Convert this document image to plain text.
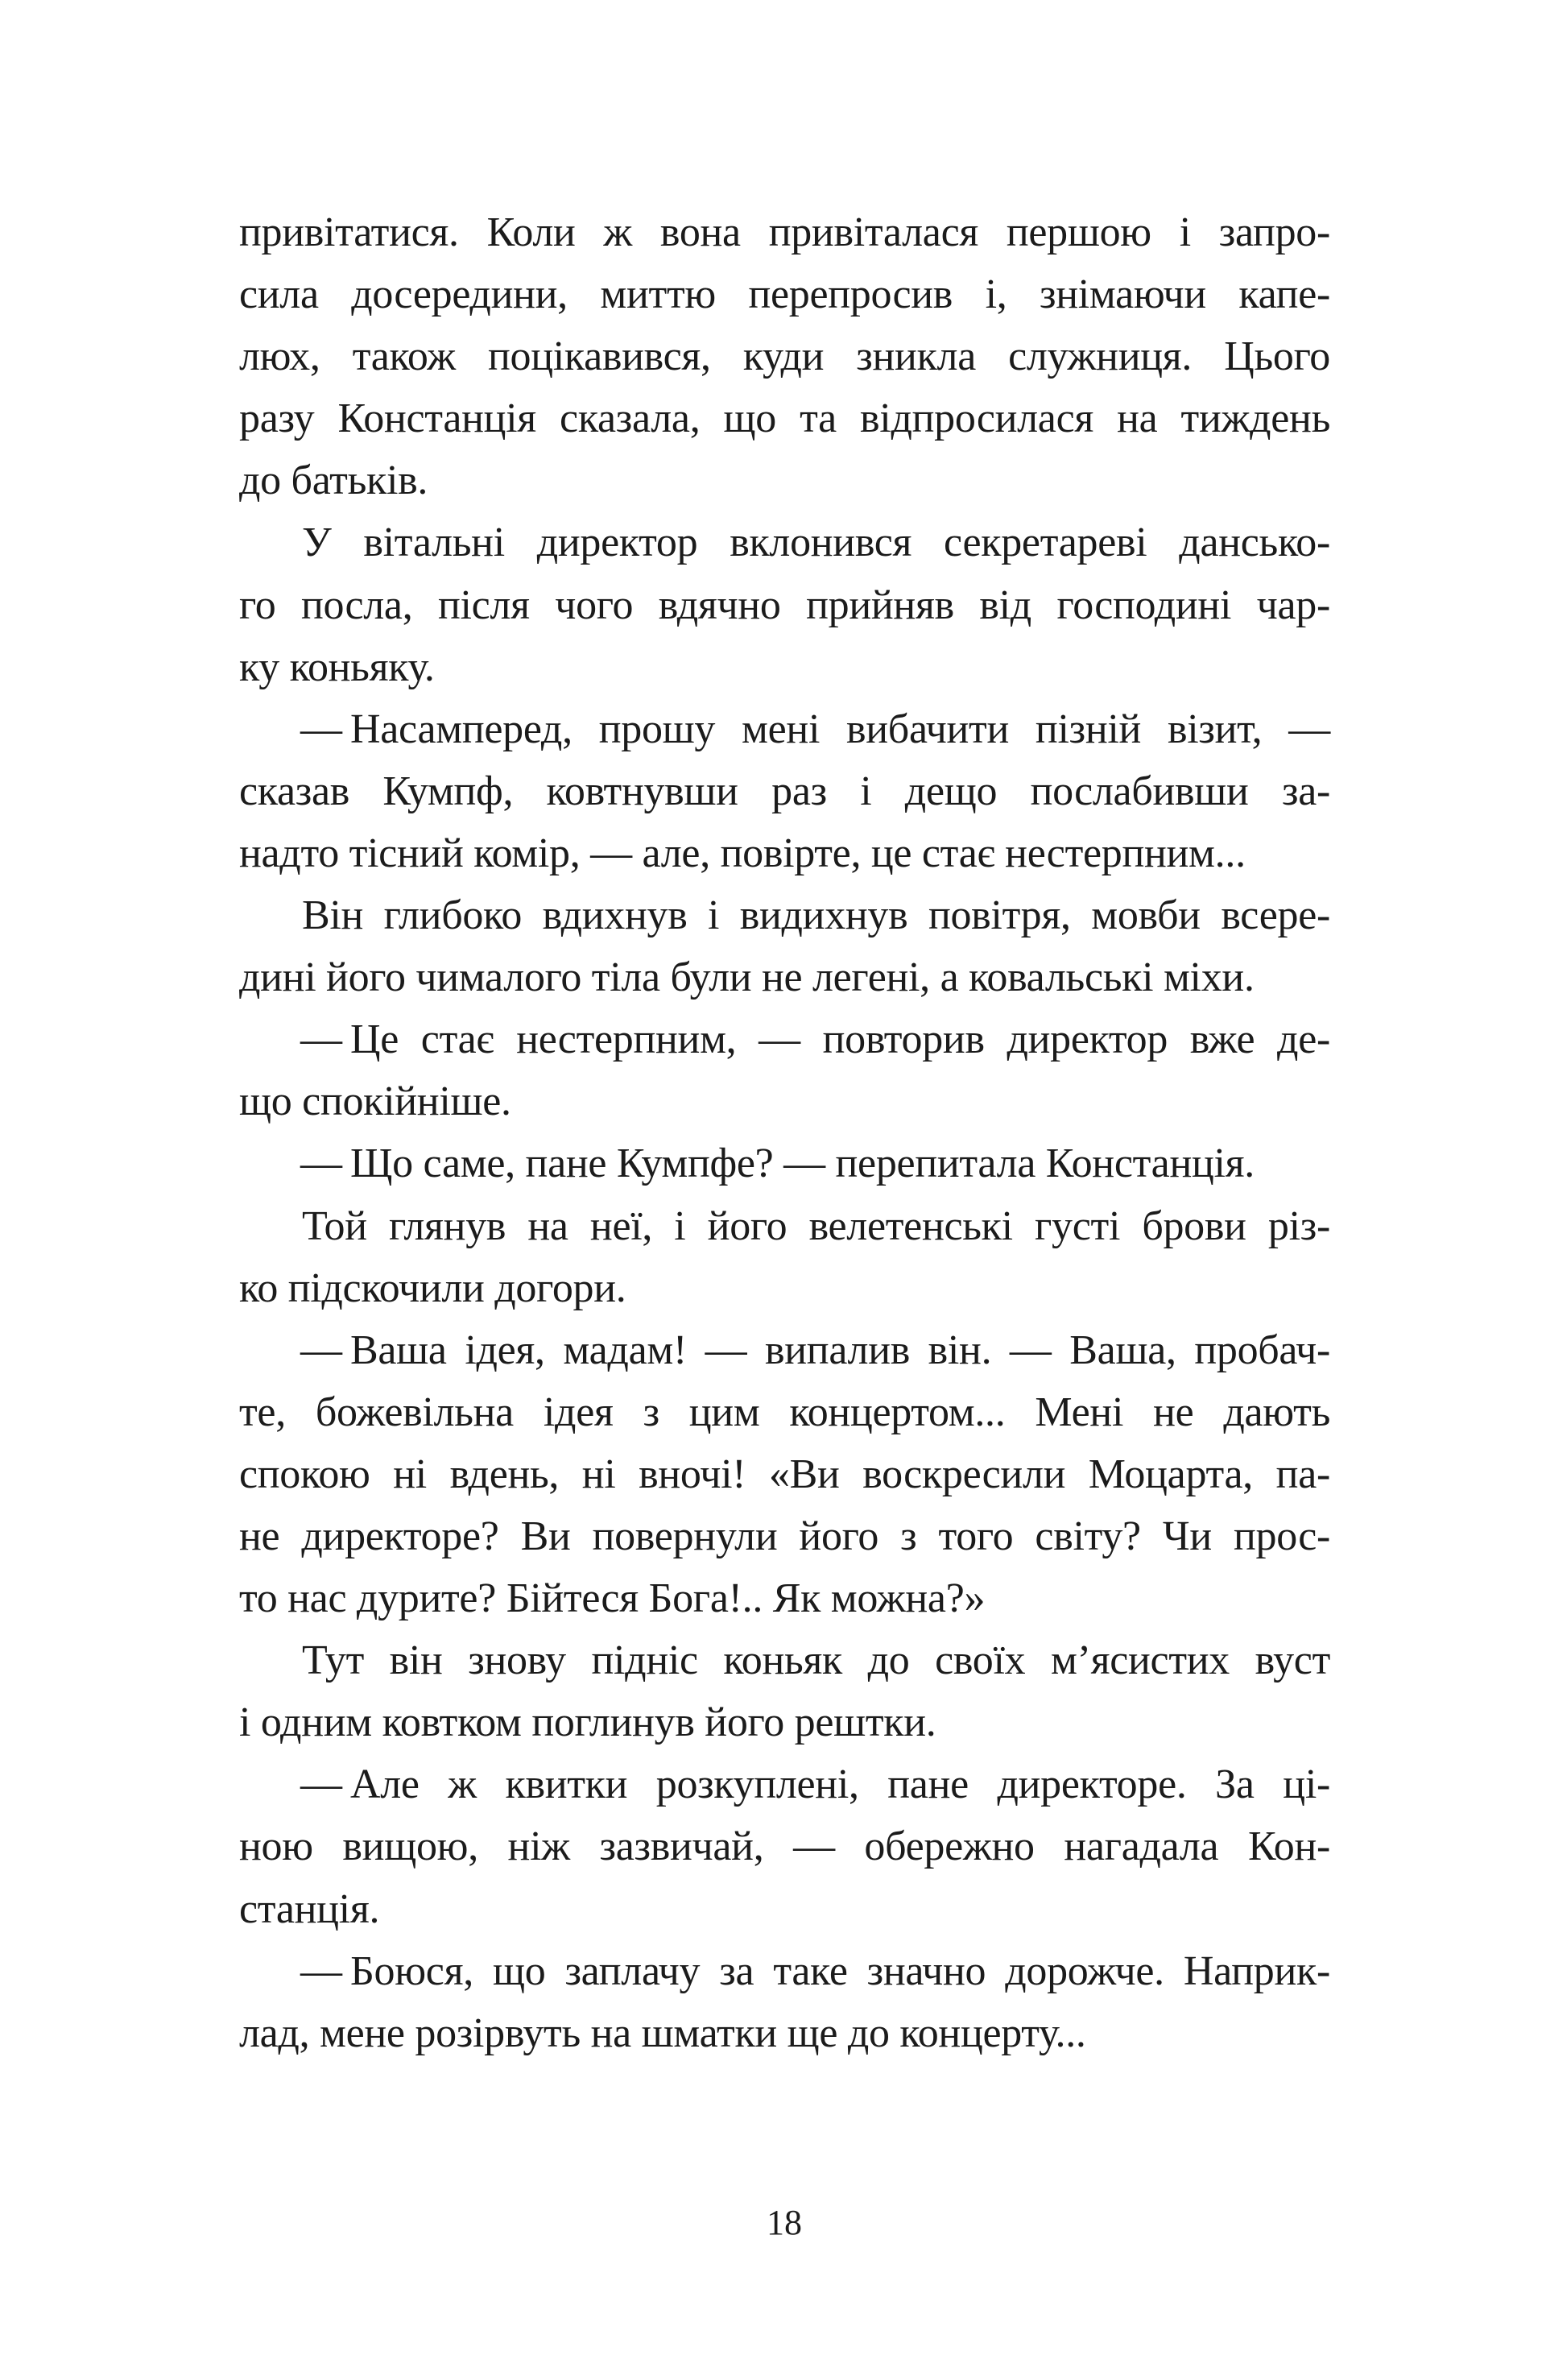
привітатися. Коли ж вона привіталася першою і запро-
сила досередини, миттю перепросив і, знімаючи капе-
люх, також поцікавився, куди зникла служниця. Цього
разу Констанція сказала, що та відпросилася на тиждень
до батьків.
У вітальні директор вклонився секретареві дансько-
го посла, після чого вдячно прийняв від господині чар-
ку коньяку.
— Насамперед, прошу мені вибачити пізній візит, —
сказав Кумпф, ковтнувши раз і дещо послабивши за-
надто тісний комір, — але, повірте, це стає нестерпним...
Він глибоко вдихнув і видихнув повітря, мовби всере-
дині його чималого тіла були не легені, а ковальські міхи.
— Це стає нестерпним, — повторив директор вже де-
що спокійніше.
— Що саме, пане Кумпфе? — перепитала Констанція.
Той глянув на неї, і його велетенські густі брови різ-
ко підскочили догори.
— Ваша ідея, мадам! — випалив він. — Ваша, пробач-
те, божевільна ідея з цим концертом... Мені не дають
спокою ні вдень, ні вночі! «Ви воскресили Моцарта, па-
не директоре? Ви повернули його з того світу? Чи прос-
то нас дурите? Бійтеся Бога!.. Як можна?»
Тут він знову підніс коньяк до своїх м’ясистих вуст
і одним ковтком поглинув його рештки.
— Але ж квитки розкуплені, пане директоре. За ці-
ною вищою, ніж зазвичай, — обережно нагадала Кон-
станція.
— Боюся, що заплачу за таке значно дорожче. Наприк-
лад, мене розірвуть на шматки ще до концерту...
18
